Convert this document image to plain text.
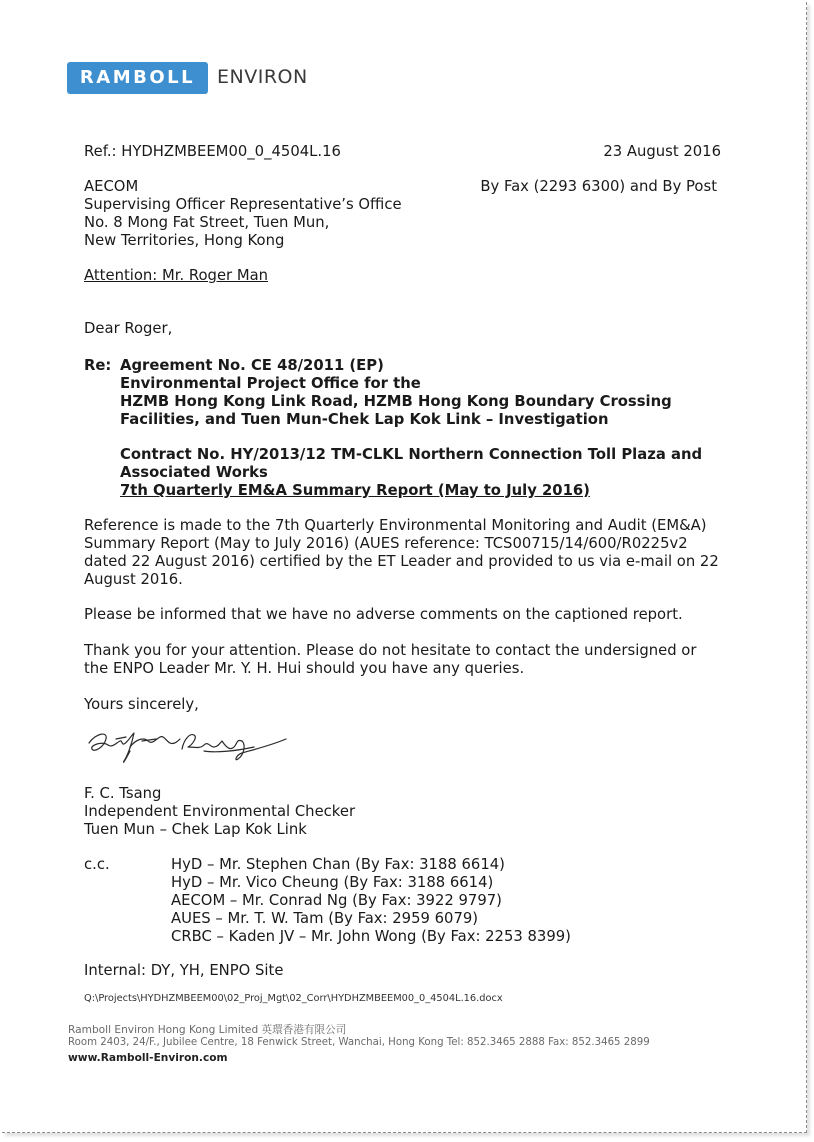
RAMBOLL	ENVIRON
Ref.: HYDHZMBEEM00_0_4504L.16	23 August 2016
AECOM
Supervising Officer Representative’s Office
No. 8 Mong Fat Street, Tuen Mun,
New Territories, Hong Kong
By Fax (2293 6300) and By Post
Attention: Mr. Roger Man
Dear Roger,
Re: Agreement No. CE 48/2011 (EP)
Environmental Project Office for the
HZMB Hong Kong Link Road, HZMB Hong Kong Boundary Crossing
Facilities, and Tuen Mun-Chek Lap Kok Link – Investigation
Contract No. HY/2013/12 TM-CLKL Northern Connection Toll Plaza and
Associated Works
7th Quarterly EM&A Summary Report (May to July 2016)
Reference is made to the 7th Quarterly Environmental Monitoring and Audit (EM&A)
Summary Report (May to July 2016) (AUES reference: TCS00715/14/600/R0225v2
dated 22 August 2016) certified by the ET Leader and provided to us via e-mail on 22
August 2016.
Please be informed that we have no adverse comments on the captioned report.
Thank you for your attention. Please do not hesitate to contact the undersigned or
the ENPO Leader Mr. Y. H. Hui should you have any queries.
Yours sincerely,
F. C. Tsang
Independent Environmental Checker
Tuen Mun – Chek Lap Kok Link
c.c.	HyD – Mr. Stephen Chan (By Fax: 3188 6614)
HyD – Mr. Vico Cheung (By Fax: 3188 6614)
AECOM – Mr. Conrad Ng (By Fax: 3922 9797)
AUES – Mr. T. W. Tam (By Fax: 2959 6079)
CRBC – Kaden JV – Mr. John Wong (By Fax: 2253 8399)
Internal: DY, YH, ENPO Site
Q:\Projects\HYDHZMBEEM00\02_Proj_Mgt\02_Corr\HYDHZMBEEM00_0_4504L.16.docx
Ramboll Environ Hong Kong Limited 英環香港有限公司
Room 2403, 24/F., Jubilee Centre, 18 Fenwick Street, Wanchai, Hong Kong Tel: 852.3465 2888 Fax: 852.3465 2899
www.Ramboll-Environ.com
